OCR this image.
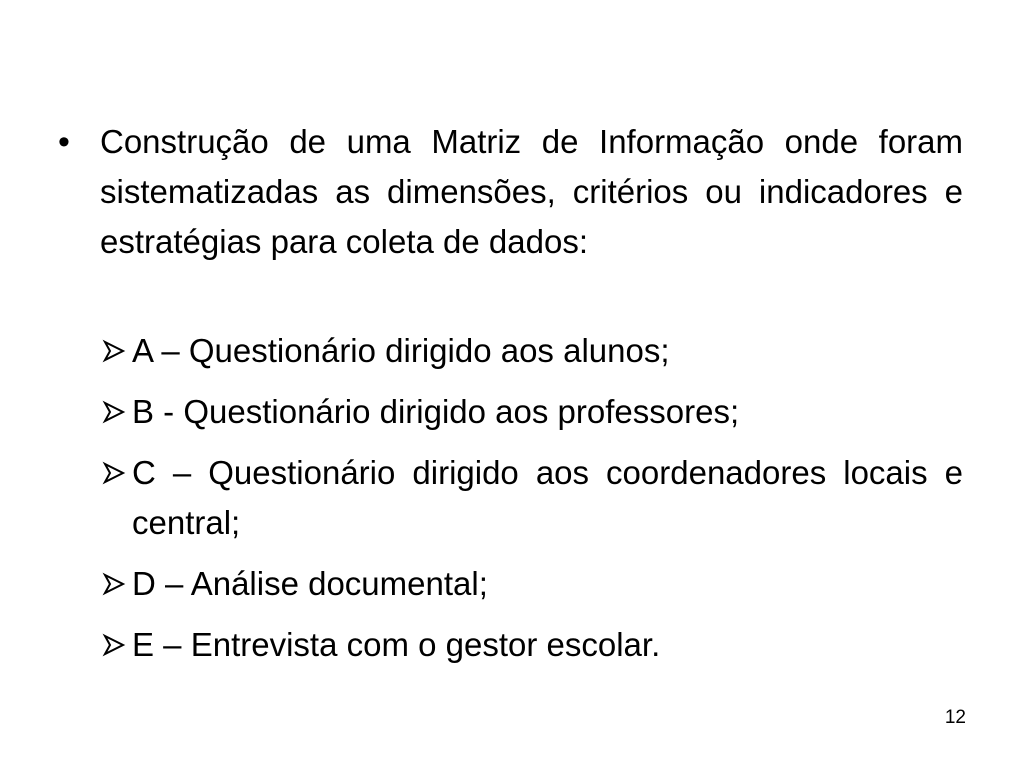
• Construção de uma Matriz de Informação onde foram sistematizadas as dimensões, critérios ou indicadores e estratégias para coleta de dados:
A – Questionário dirigido aos alunos;
B - Questionário dirigido aos professores;
C – Questionário dirigido aos coordenadores locais e central;
D – Análise documental;
E – Entrevista com o gestor escolar.
12
